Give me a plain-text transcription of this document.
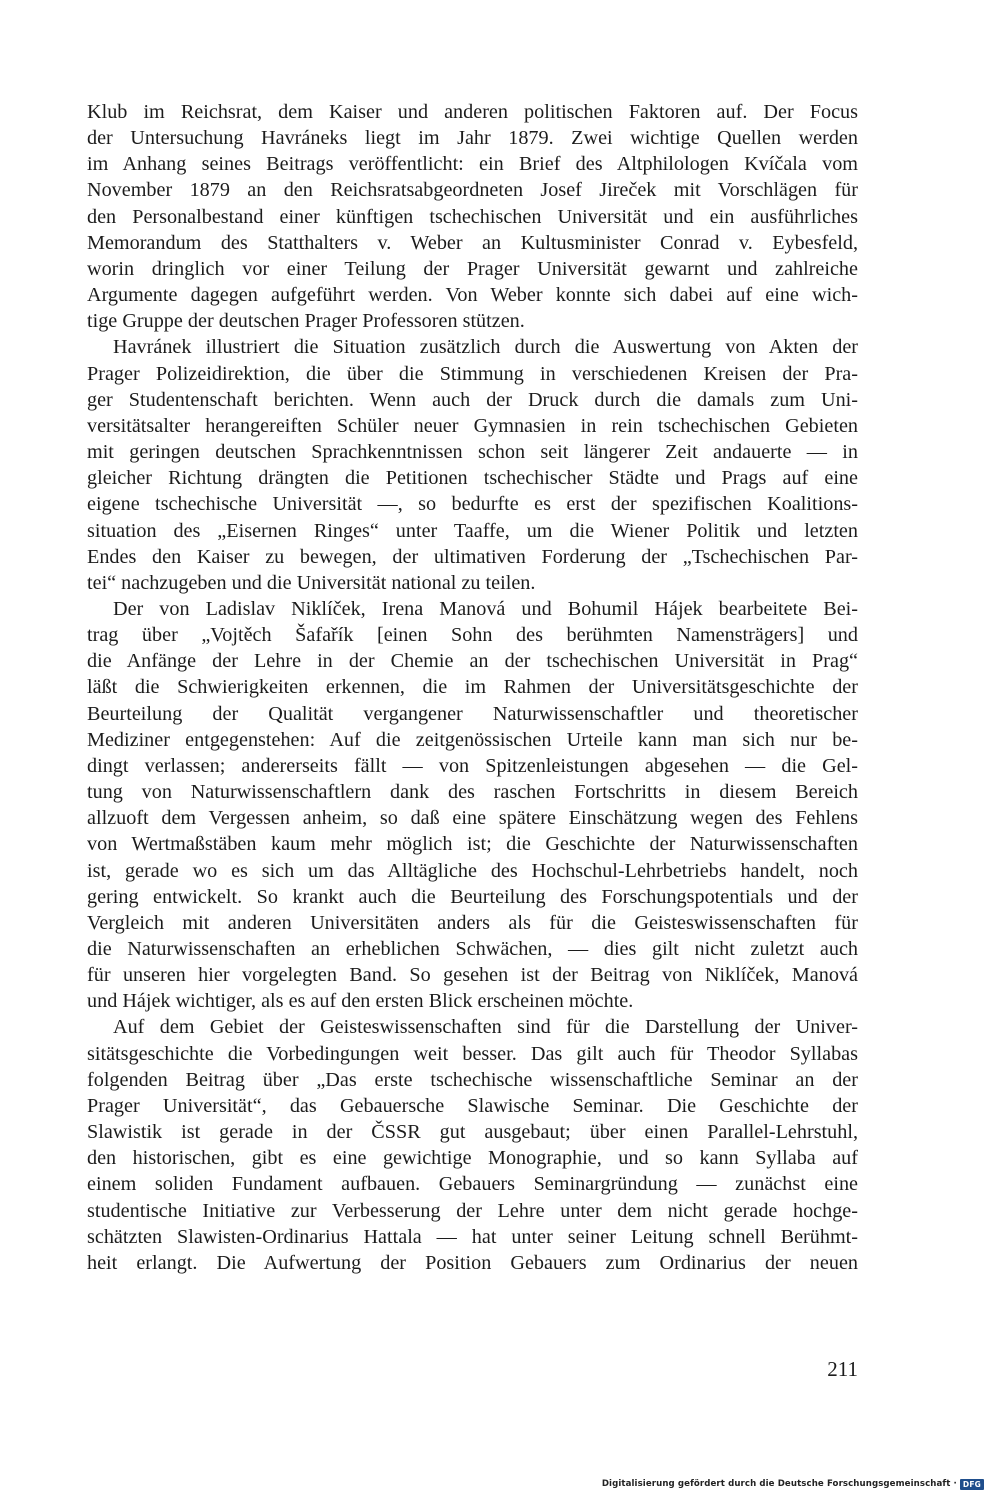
Klub im Reichsrat, dem Kaiser und anderen politischen Faktoren auf. Der Focus
der Untersuchung Havráneks liegt im Jahr 1879. Zwei wichtige Quellen werden
im Anhang seines Beitrags veröffentlicht: ein Brief des Altphilologen Kvíčala vom
November 1879 an den Reichsratsabgeordneten Josef Jireček mit Vorschlägen für
den Personalbestand einer künftigen tschechischen Universität und ein ausführliches
Memorandum des Statthalters v. Weber an Kultusminister Conrad v. Eybesfeld,
worin dringlich vor einer Teilung der Prager Universität gewarnt und zahlreiche
Argumente dagegen aufgeführt werden. Von Weber konnte sich dabei auf eine wich-
tige Gruppe der deutschen Prager Professoren stützen.
Havránek illustriert die Situation zusätzlich durch die Auswertung von Akten der
Prager Polizeidirektion, die über die Stimmung in verschiedenen Kreisen der Pra-
ger Studentenschaft berichten. Wenn auch der Druck durch die damals zum Uni-
versitätsalter herangereiften Schüler neuer Gymnasien in rein tschechischen Gebieten
mit geringen deutschen Sprachkenntnissen schon seit längerer Zeit andauerte — in
gleicher Richtung drängten die Petitionen tschechischer Städte und Prags auf eine
eigene tschechische Universität —, so bedurfte es erst der spezifischen Koalitions-
situation des „Eisernen Ringes“ unter Taaffe, um die Wiener Politik und letzten
Endes den Kaiser zu bewegen, der ultimativen Forderung der „Tschechischen Par-
tei“ nachzugeben und die Universität national zu teilen.
Der von Ladislav Niklíček, Irena Manová und Bohumil Hájek bearbeitete Bei-
trag über „Vojtěch Šafařík [einen Sohn des berühmten Namensträgers] und
die Anfänge der Lehre in der Chemie an der tschechischen Universität in Prag“
läßt die Schwierigkeiten erkennen, die im Rahmen der Universitätsgeschichte der
Beurteilung der Qualität vergangener Naturwissenschaftler und theoretischer
Mediziner entgegenstehen: Auf die zeitgenössischen Urteile kann man sich nur be-
dingt verlassen; andererseits fällt — von Spitzenleistungen abgesehen — die Gel-
tung von Naturwissenschaftlern dank des raschen Fortschritts in diesem Bereich
allzuoft dem Vergessen anheim, so daß eine spätere Einschätzung wegen des Fehlens
von Wertmaßstäben kaum mehr möglich ist; die Geschichte der Naturwissenschaften
ist, gerade wo es sich um das Alltägliche des Hochschul-Lehrbetriebs handelt, noch
gering entwickelt. So krankt auch die Beurteilung des Forschungspotentials und der
Vergleich mit anderen Universitäten anders als für die Geisteswissenschaften für
die Naturwissenschaften an erheblichen Schwächen, — dies gilt nicht zuletzt auch
für unseren hier vorgelegten Band. So gesehen ist der Beitrag von Niklíček, Manová
und Hájek wichtiger, als es auf den ersten Blick erscheinen möchte.
Auf dem Gebiet der Geisteswissenschaften sind für die Darstellung der Univer-
sitätsgeschichte die Vorbedingungen weit besser. Das gilt auch für Theodor Syllabas
folgenden Beitrag über „Das erste tschechische wissenschaftliche Seminar an der
Prager Universität“, das Gebauersche Slawische Seminar. Die Geschichte der
Slawistik ist gerade in der ČSSR gut ausgebaut; über einen Parallel-Lehrstuhl,
den historischen, gibt es eine gewichtige Monographie, und so kann Syllaba auf
einem soliden Fundament aufbauen. Gebauers Seminargründung — zunächst eine
studentische Initiative zur Verbesserung der Lehre unter dem nicht gerade hochge-
schätzten Slawisten-Ordinarius Hattala — hat unter seiner Leitung schnell Berühmt-
heit erlangt. Die Aufwertung der Position Gebauers zum Ordinarius der neuen
211
Digitalisierung gefördert durch die Deutsche Forschungsgemeinschaft · DFG
